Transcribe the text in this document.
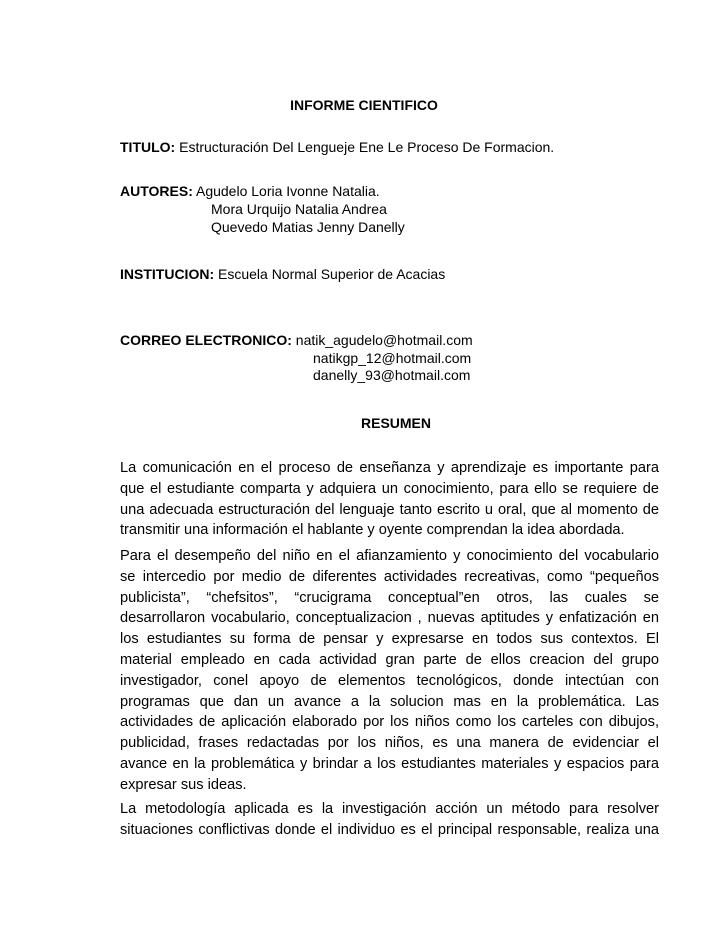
INFORME CIENTIFICO
TITULO: Estructuración Del Lengueje Ene Le Proceso De Formacion.
AUTORES: Agudelo Loria Ivonne Natalia.
Mora Urquijo Natalia Andrea
Quevedo Matias Jenny Danelly
INSTITUCION: Escuela Normal Superior de Acacias
CORREO ELECTRONICO: natik_agudelo@hotmail.com
natikgp_12@hotmail.com
danelly_93@hotmail.com
RESUMEN
La comunicación en el proceso de enseñanza y aprendizaje es importante para
que el estudiante comparta y adquiera un conocimiento, para ello se requiere de
una adecuada estructuración del lenguaje tanto escrito u oral, que al momento de
transmitir una información el hablante y oyente comprendan la idea abordada.
Para el desempeño del niño en el afianzamiento y conocimiento del vocabulario
se intercedio por medio de diferentes actividades recreativas, como “pequeños
publicista”, “chefsitos”, “crucigrama conceptual”en otros, las cuales se
desarrollaron vocabulario, conceptualizacion , nuevas aptitudes y enfatización en
los estudiantes su forma de pensar y expresarse en todos sus contextos. El
material empleado en cada actividad gran parte de ellos creacion del grupo
investigador, conel apoyo de elementos tecnológicos, donde intectúan con
programas que dan un avance a la solucion mas en la problemática. Las
actividades de aplicación elaborado por los niños como los carteles con dibujos,
publicidad, frases redactadas por los niños, es una manera de evidenciar el
avance en la problemática y brindar a los estudiantes materiales y espacios para
expresar sus ideas.
La metodología aplicada es la investigación acción un método para resolver
situaciones conflictivas donde el individuo es el principal responsable, realiza una
